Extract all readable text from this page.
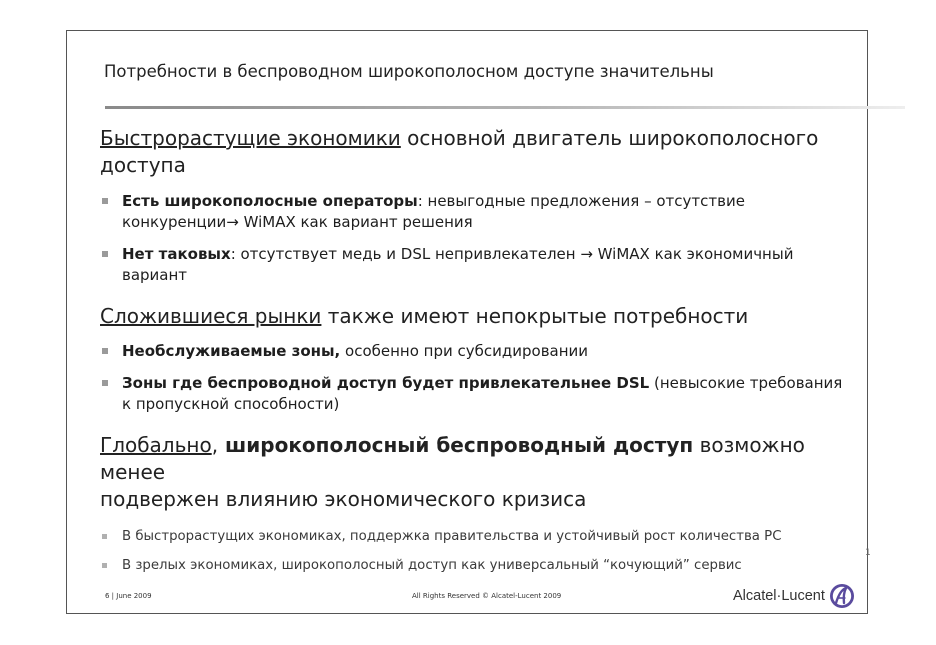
Потребности в беспроводном широкополосном доступе значительны

Быстрорастущие экономики основной двигатель широкополосного
доступа

Есть широкополосные операторы: невыгодные предложения – отсутствие
конкуренции→ WiMAX как вариант решения
Нет таковых: отсутствует медь и DSL непривлекателен → WiMAX как экономичный
вариант

Сложившиеся рынки также имеют непокрытые потребности

Необслуживаемые зоны, особенно при субсидировании
Зоны где беспроводной доступ будет привлекательнее DSL (невысокие требования
к пропускной способности)

Глобально, широкополосный беспроводный доступ возможно менее
подвержен влиянию экономического кризиса

В быстрорастущих экономиках, поддержка правительства и устойчивый рост количества PC
В зрелых экономиках, широкополосный доступ как универсальный “кочующий” сервис
6 | June 2009	All Rights Reserved © Alcatel-Lucent 2009	Alcatel·Lucent
1
